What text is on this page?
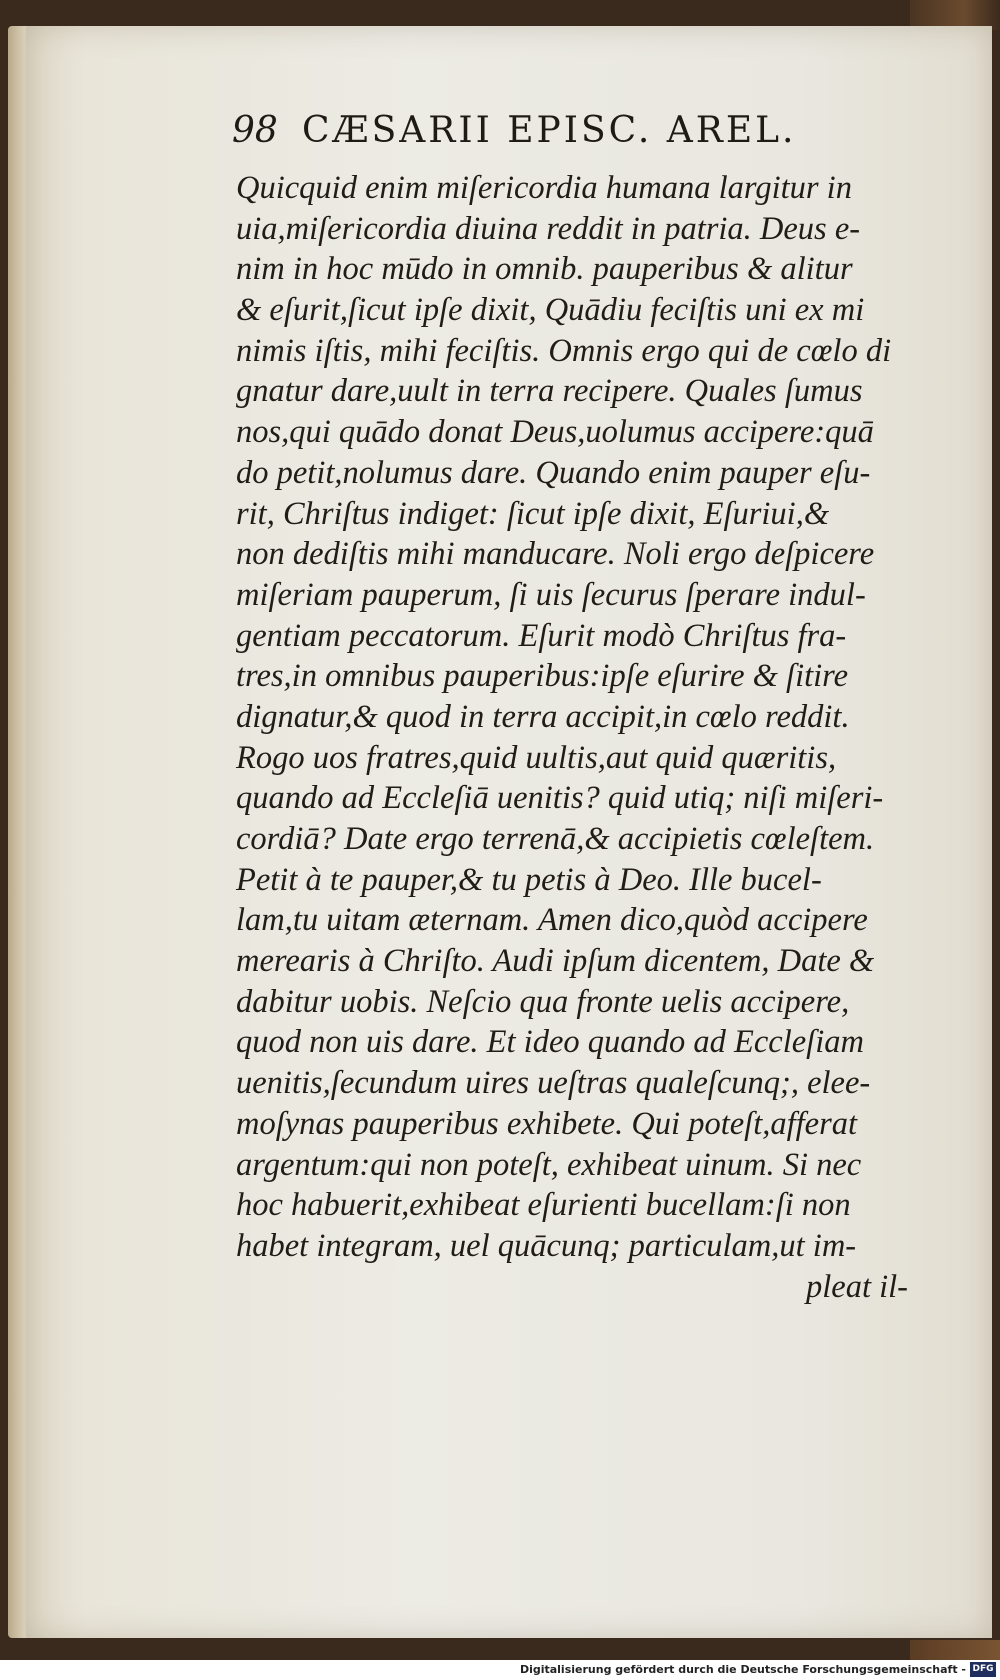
98 CÆSARII EPISC. AREL.
Quicquid enim miſericordia humana largitur in
uia,miſericordia diuina reddit in patria. Deus e-
nim in hoc mūdo in omnib. pauperibus & alitur
& eſurit,ſicut ipſe dixit, Quādiu feciſtis uni ex mi
nimis iſtis, mihi feciſtis. Omnis ergo qui de cœlo di
gnatur dare,uult in terra recipere. Quales ſumus
nos,qui quādo donat Deus,uolumus accipere:quā
do petit,nolumus dare. Quando enim pauper eſu-
rit, Chriſtus indiget: ſicut ipſe dixit, Eſuriui,&
non dediſtis mihi manducare. Noli ergo deſpicere
miſeriam pauperum, ſi uis ſecurus ſperare indul-
gentiam peccatorum. Eſurit modò Chriſtus fra-
tres,in omnibus pauperibus:ipſe eſurire & ſitire
dignatur,& quod in terra accipit,in cœlo reddit.
Rogo uos fratres,quid uultis,aut quid quæritis,
quando ad Eccleſiā uenitis? quid utiq; niſi miſeri-
cordiā? Date ergo terrenā,& accipietis cœleſtem.
Petit à te pauper,& tu petis à Deo. Ille bucel-
lam,tu uitam æternam. Amen dico,quòd accipere
merearis à Chriſto. Audi ipſum dicentem, Date &
dabitur uobis. Neſcio qua fronte uelis accipere,
quod non uis dare. Et ideo quando ad Eccleſiam
uenitis,ſecundum uires ueſtras qualeſcunq;, elee-
moſynas pauperibus exhibete. Qui poteſt,afferat
argentum:qui non poteſt, exhibeat uinum. Si nec
hoc habuerit,exhibeat eſurienti bucellam:ſi non
habet integram, uel quācunq; particulam,ut im-
pleat il-
Digitalisierung gefördert durch die Deutsche Forschungsgemeinschaft - DFG
